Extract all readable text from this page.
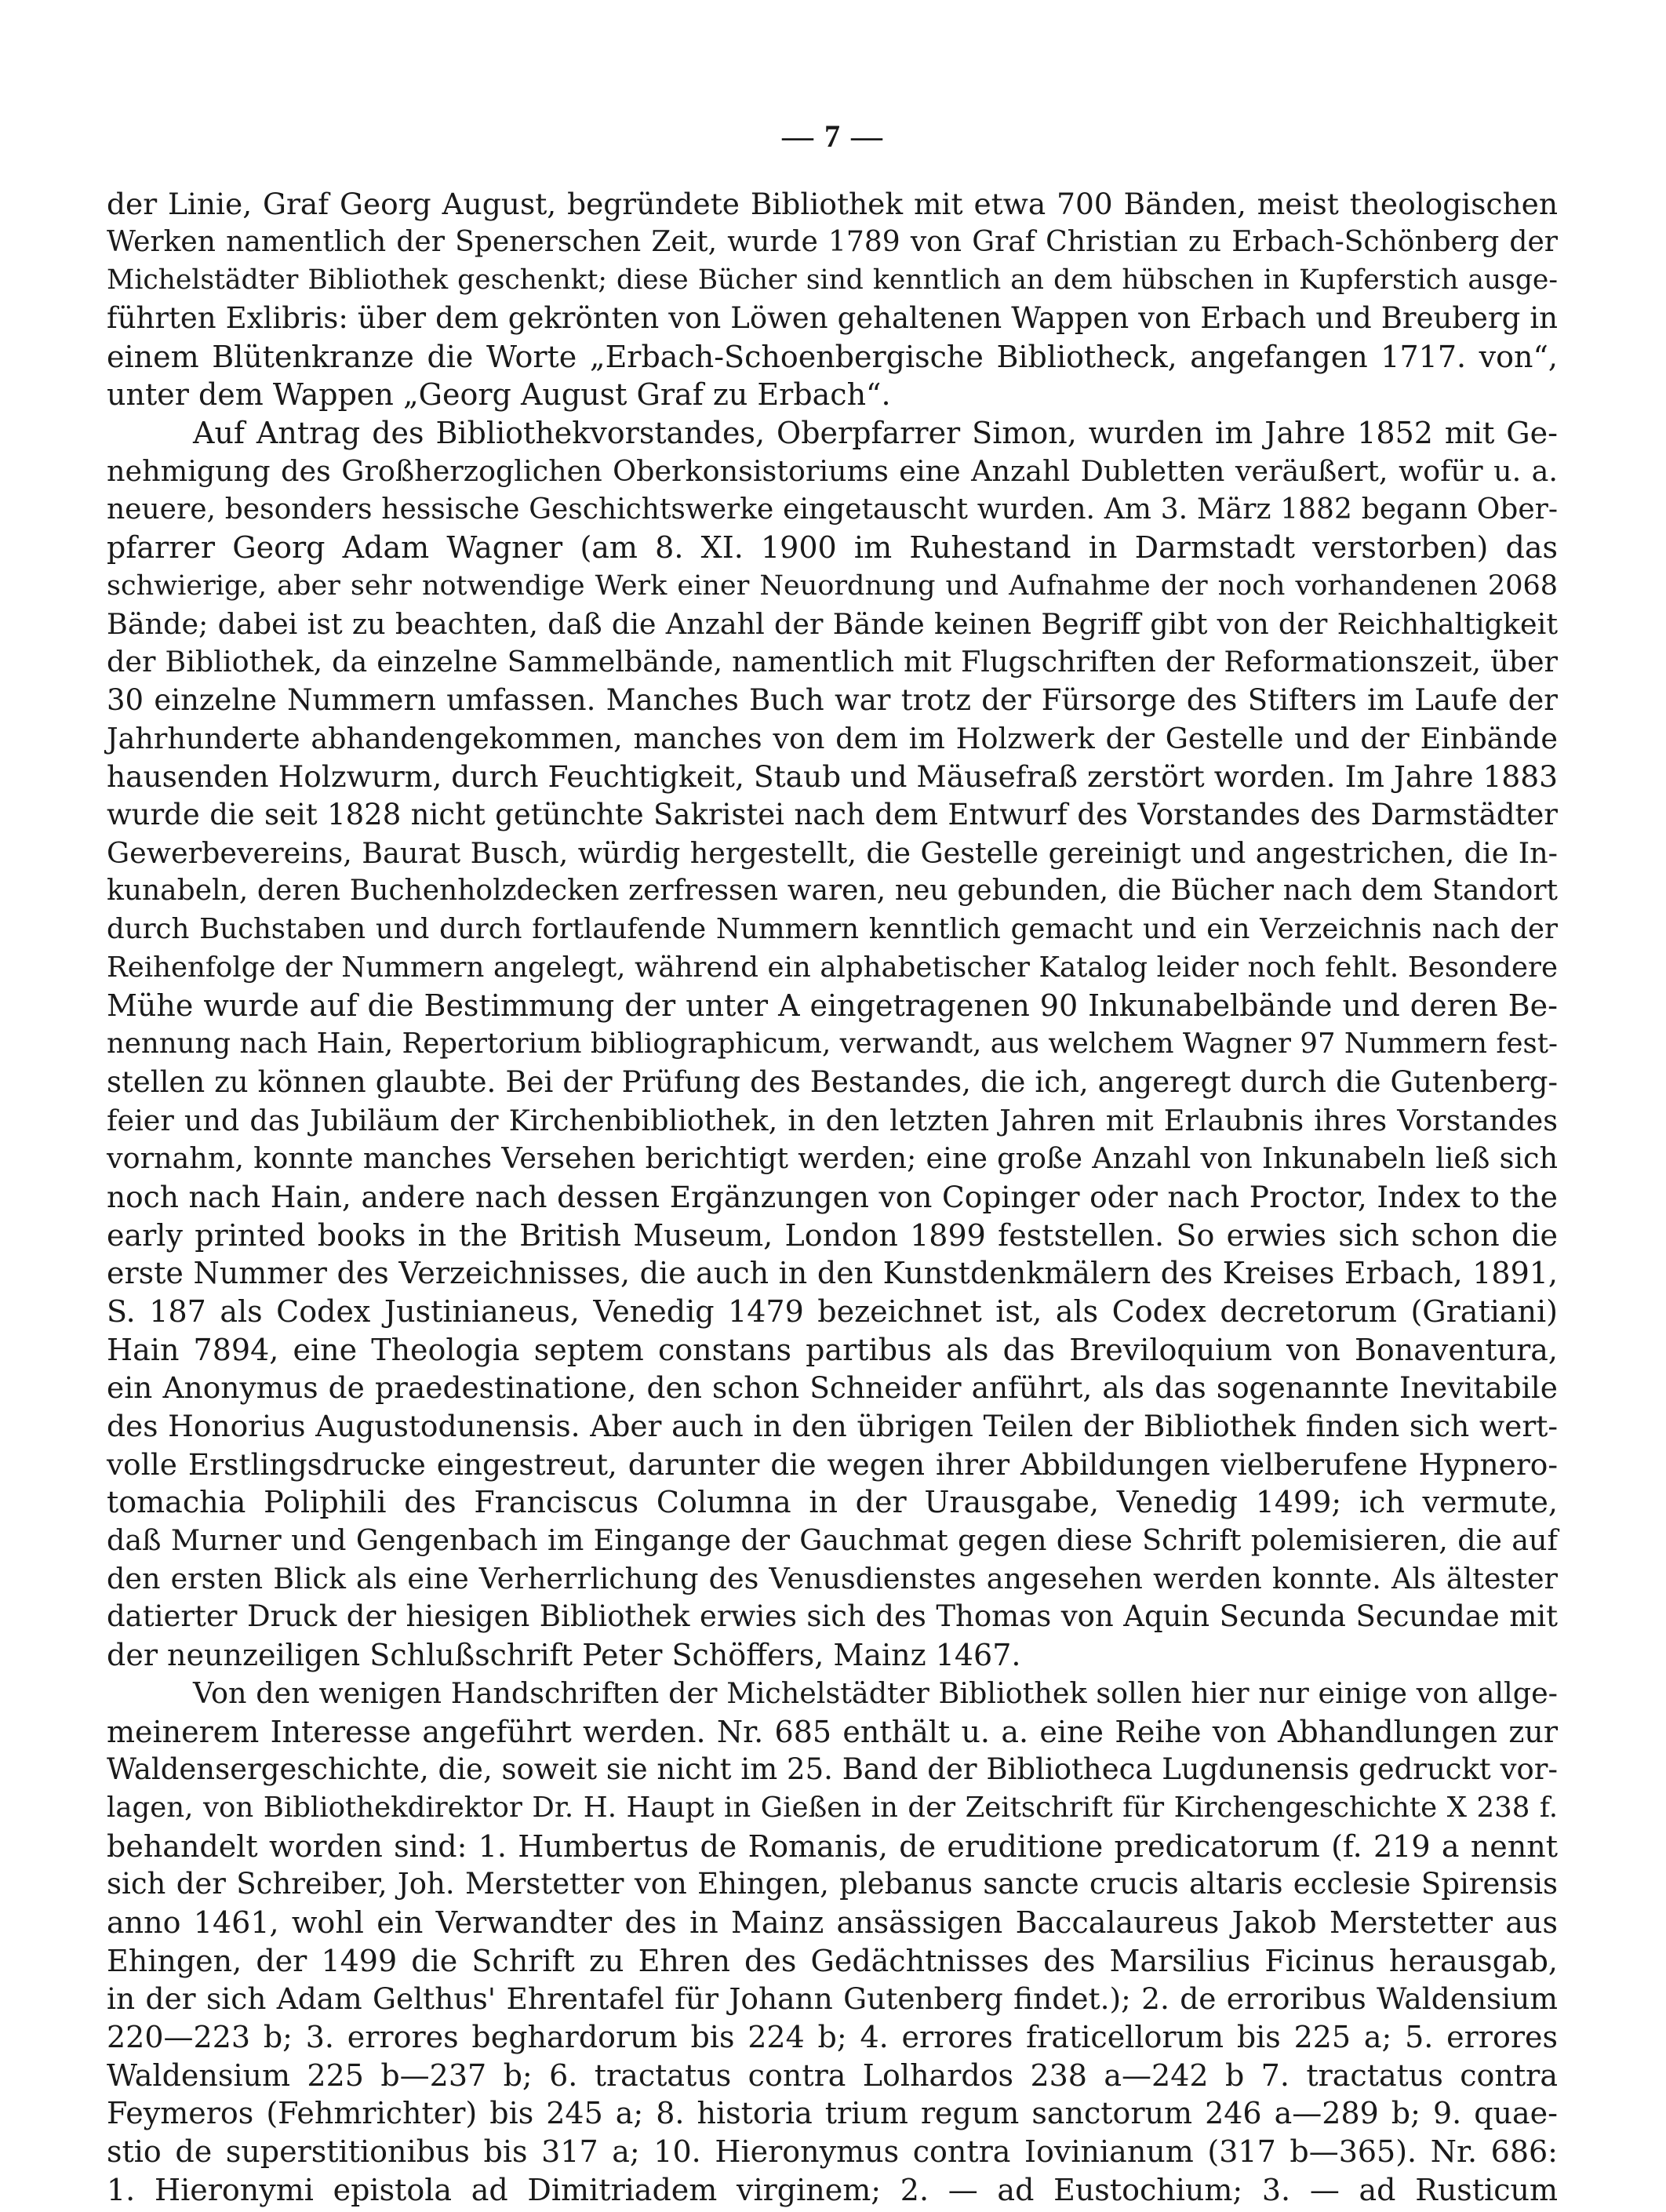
— 7 —
der Linie, Graf Georg August, begründete Bibliothek mit etwa 700 Bänden, meist theologischen
Werken namentlich der Spenerschen Zeit, wurde 1789 von Graf Christian zu Erbach-Schönberg der
Michelstädter Bibliothek geschenkt; diese Bücher sind kenntlich an dem hübschen in Kupferstich ausge-
führten Exlibris: über dem gekrönten von Löwen gehaltenen Wappen von Erbach und Breuberg in
einem Blütenkranze die Worte „Erbach-Schoenbergische Bibliotheck, angefangen 1717. von“,
unter dem Wappen „Georg August Graf zu Erbach“.
Auf Antrag des Bibliothekvorstandes, Oberpfarrer Simon, wurden im Jahre 1852 mit Ge-
nehmigung des Großherzoglichen Oberkonsistoriums eine Anzahl Dubletten veräußert, wofür u. a.
neuere, besonders hessische Geschichtswerke eingetauscht wurden. Am 3. März 1882 begann Ober-
pfarrer Georg Adam Wagner (am 8. XI. 1900 im Ruhestand in Darmstadt verstorben) das
schwierige, aber sehr notwendige Werk einer Neuordnung und Aufnahme der noch vorhandenen 2068
Bände; dabei ist zu beachten, daß die Anzahl der Bände keinen Begriff gibt von der Reichhaltigkeit
der Bibliothek, da einzelne Sammelbände, namentlich mit Flugschriften der Reformationszeit, über
30 einzelne Nummern umfassen. Manches Buch war trotz der Fürsorge des Stifters im Laufe der
Jahrhunderte abhandengekommen, manches von dem im Holzwerk der Gestelle und der Einbände
hausenden Holzwurm, durch Feuchtigkeit, Staub und Mäusefraß zerstört worden. Im Jahre 1883
wurde die seit 1828 nicht getünchte Sakristei nach dem Entwurf des Vorstandes des Darmstädter
Gewerbevereins, Baurat Busch, würdig hergestellt, die Gestelle gereinigt und angestrichen, die In-
kunabeln, deren Buchenholzdecken zerfressen waren, neu gebunden, die Bücher nach dem Standort
durch Buchstaben und durch fortlaufende Nummern kenntlich gemacht und ein Verzeichnis nach der
Reihenfolge der Nummern angelegt, während ein alphabetischer Katalog leider noch fehlt. Besondere
Mühe wurde auf die Bestimmung der unter A eingetragenen 90 Inkunabelbände und deren Be-
nennung nach Hain, Repertorium bibliographicum, verwandt, aus welchem Wagner 97 Nummern fest-
stellen zu können glaubte. Bei der Prüfung des Bestandes, die ich, angeregt durch die Gutenberg-
feier und das Jubiläum der Kirchenbibliothek, in den letzten Jahren mit Erlaubnis ihres Vorstandes
vornahm, konnte manches Versehen berichtigt werden; eine große Anzahl von Inkunabeln ließ sich
noch nach Hain, andere nach dessen Ergänzungen von Copinger oder nach Proctor, Index to the
early printed books in the British Museum, London 1899 feststellen. So erwies sich schon die
erste Nummer des Verzeichnisses, die auch in den Kunstdenkmälern des Kreises Erbach, 1891,
S. 187 als Codex Justinianeus, Venedig 1479 bezeichnet ist, als Codex decretorum (Gratiani)
Hain 7894, eine Theologia septem constans partibus als das Breviloquium von Bonaventura,
ein Anonymus de praedestinatione, den schon Schneider anführt, als das sogenannte Inevitabile
des Honorius Augustodunensis. Aber auch in den übrigen Teilen der Bibliothek finden sich wert-
volle Erstlingsdrucke eingestreut, darunter die wegen ihrer Abbildungen vielberufene Hypnero-
tomachia Poliphili des Franciscus Columna in der Urausgabe, Venedig 1499; ich vermute,
daß Murner und Gengenbach im Eingange der Gauchmat gegen diese Schrift polemisieren, die auf
den ersten Blick als eine Verherrlichung des Venusdienstes angesehen werden konnte. Als ältester
datierter Druck der hiesigen Bibliothek erwies sich des Thomas von Aquin Secunda Secundae mit
der neunzeiligen Schlußschrift Peter Schöffers, Mainz 1467.
Von den wenigen Handschriften der Michelstädter Bibliothek sollen hier nur einige von allge-
meinerem Interesse angeführt werden. Nr. 685 enthält u. a. eine Reihe von Abhandlungen zur
Waldensergeschichte, die, soweit sie nicht im 25. Band der Bibliotheca Lugdunensis gedruckt vor-
lagen, von Bibliothekdirektor Dr. H. Haupt in Gießen in der Zeitschrift für Kirchengeschichte X 238 f.
behandelt worden sind: 1. Humbertus de Romanis, de eruditione predicatorum (f. 219 a nennt
sich der Schreiber, Joh. Merstetter von Ehingen, plebanus sancte crucis altaris ecclesie Spirensis
anno 1461, wohl ein Verwandter des in Mainz ansässigen Baccalaureus Jakob Merstetter aus
Ehingen, der 1499 die Schrift zu Ehren des Gedächtnisses des Marsilius Ficinus herausgab,
in der sich Adam Gelthus' Ehrentafel für Johann Gutenberg findet.); 2. de erroribus Waldensium
220—223 b; 3. errores beghardorum bis 224 b; 4. errores fraticellorum bis 225 a; 5. errores
Waldensium 225 b—237 b; 6. tractatus contra Lolhardos 238 a—242 b 7. tractatus contra
Feymeros (Fehmrichter) bis 245 a; 8. historia trium regum sanctorum 246 a—289 b; 9. quae-
stio de superstitionibus bis 317 a; 10. Hieronymus contra Iovinianum (317 b—365). Nr. 686:
1. Hieronymi epistola ad Dimitriadem virginem; 2. — ad Eustochium; 3. — ad Rusticum
